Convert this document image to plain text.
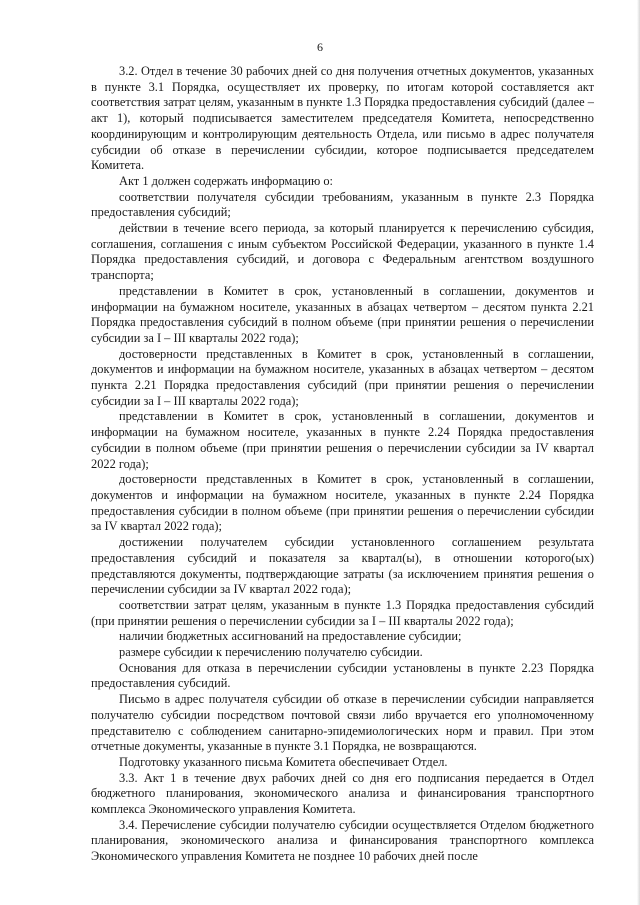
6

3.2. Отдел в течение 30 рабочих дней со дня получения отчетных документов, указанных в пункте 3.1 Порядка, осуществляет их проверку, по итогам которой составляется акт соответствия затрат целям, указанным в пункте 1.3 Порядка предоставления субсидий (далее – акт 1), который подписывается заместителем председателя Комитета, непосредственно координирующим и контролирующим деятельность Отдела, или письмо в адрес получателя субсидии об отказе в перечислении субсидии, которое подписывается председателем Комитета.

Акт 1 должен содержать информацию о:

соответствии получателя субсидии требованиям, указанным в пункте 2.3 Порядка предоставления субсидий;

действии в течение всего периода, за который планируется к перечислению субсидия, соглашения, соглашения с иным субъектом Российской Федерации, указанного в пункте 1.4 Порядка предоставления субсидий, и договора с Федеральным агентством воздушного транспорта;

представлении в Комитет в срок, установленный в соглашении, документов и информации на бумажном носителе, указанных в абзацах четвертом – десятом пункта 2.21 Порядка предоставления субсидий в полном объеме (при принятии решения о перечислении субсидии за I – III кварталы 2022 года);

достоверности представленных в Комитет в срок, установленный в соглашении, документов и информации на бумажном носителе, указанных в абзацах четвертом – десятом пункта 2.21 Порядка предоставления субсидий (при принятии решения о перечислении субсидии за I – III кварталы 2022 года);

представлении в Комитет в срок, установленный в соглашении, документов и информации на бумажном носителе, указанных в пункте 2.24 Порядка предоставления субсидии в полном объеме (при принятии решения о перечислении субсидии за IV квартал 2022 года);

достоверности представленных в Комитет в срок, установленный в соглашении, документов и информации на бумажном носителе, указанных в пункте 2.24 Порядка предоставления субсидии в полном объеме (при принятии решения о перечислении субсидии за IV квартал 2022 года);

достижении получателем субсидии установленного соглашением результата предоставления субсидий и показателя за квартал(ы), в отношении которого(ых) представляются документы, подтверждающие затраты (за исключением принятия решения о перечислении субсидии за IV квартал 2022 года);

соответствии затрат целям, указанным в пункте 1.3 Порядка предоставления субсидий (при принятии решения о перечислении субсидии за I – III кварталы 2022 года);

наличии бюджетных ассигнований на предоставление субсидии;

размере субсидии к перечислению получателю субсидии.

Основания для отказа в перечислении субсидии установлены в пункте 2.23 Порядка предоставления субсидий.

Письмо в адрес получателя субсидии об отказе в перечислении субсидии направляется получателю субсидии посредством почтовой связи либо вручается его уполномоченному представителю с соблюдением санитарно-эпидемиологических норм и правил. При этом отчетные документы, указанные в пункте 3.1 Порядка, не возвращаются.

Подготовку указанного письма Комитета обеспечивает Отдел.

3.3. Акт 1 в течение двух рабочих дней со дня его подписания передается в Отдел бюджетного планирования, экономического анализа и финансирования транспортного комплекса Экономического управления Комитета.

3.4. Перечисление субсидии получателю субсидии осуществляется Отделом бюджетного планирования, экономического анализа и финансирования транспортного комплекса Экономического управления Комитета не позднее 10 рабочих дней после
